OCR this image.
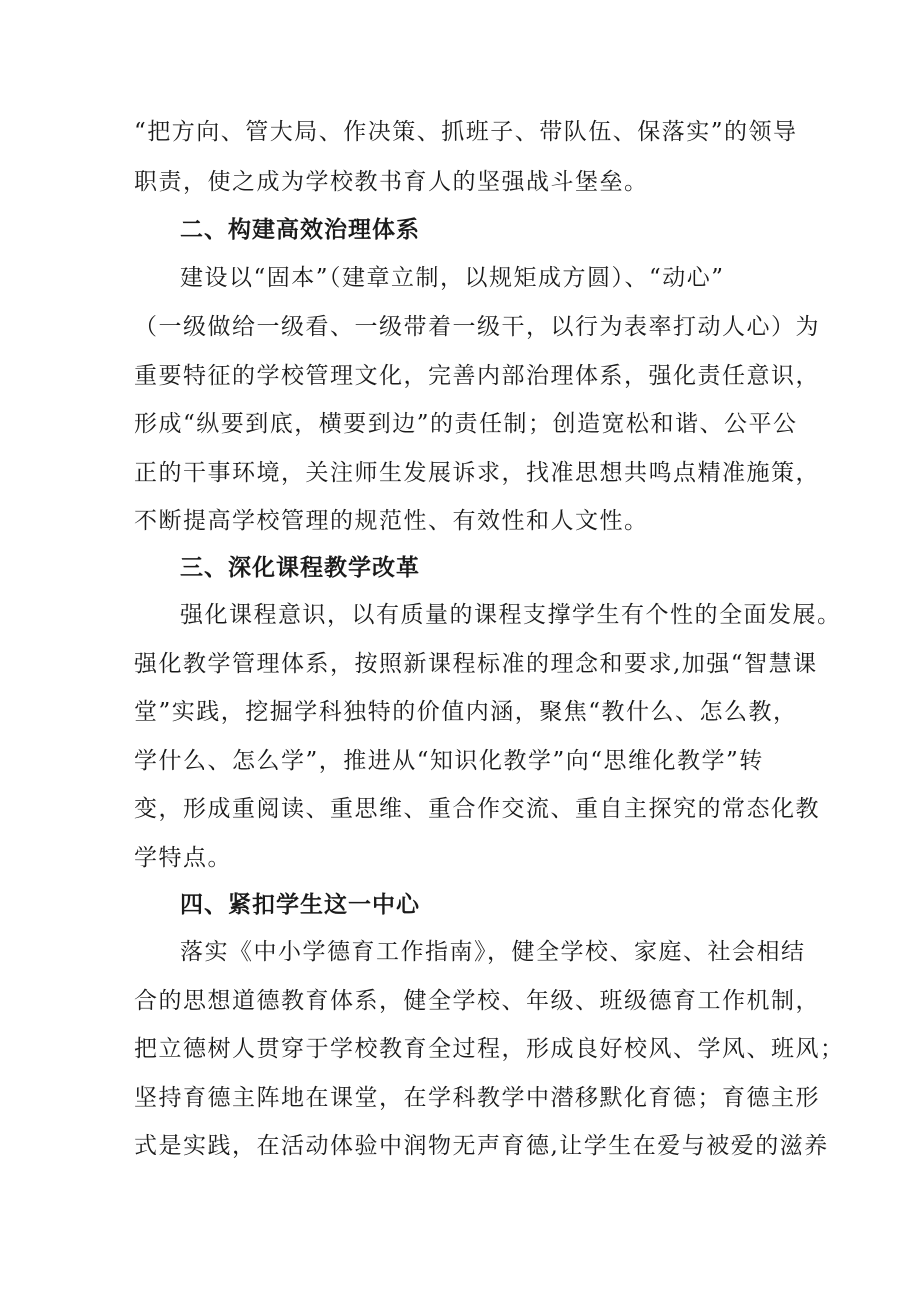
“把方向、管大局、作决策、抓班子、带队伍、保落实”的领导
职责，使之成为学校教书育人的坚强战斗堡垒。
二、构建高效治理体系
建设以“固本”（建章立制，以规矩成方圆）、“动心”
（一级做给一级看、一级带着一级干，以行为表率打动人心）为
重要特征的学校管理文化，完善内部治理体系，强化责任意识，
形成“纵要到底，横要到边”的责任制；创造宽松和谐、公平公
正的干事环境，关注师生发展诉求，找准思想共鸣点精准施策，
不断提高学校管理的规范性、有效性和人文性。
三、深化课程教学改革
强化课程意识，以有质量的课程支撑学生有个性的全面发展。
强化教学管理体系，按照新课程标准的理念和要求,加强“智慧课
堂”实践，挖掘学科独特的价值内涵，聚焦“教什么、怎么教，
学什么、怎么学”，推进从“知识化教学”向“思维化教学”转
变，形成重阅读、重思维、重合作交流、重自主探究的常态化教
学特点。
四、紧扣学生这一中心
落实《中小学德育工作指南》，健全学校、家庭、社会相结
合的思想道德教育体系，健全学校、年级、班级德育工作机制，
把立德树人贯穿于学校教育全过程，形成良好校风、学风、班风；
坚持育德主阵地在课堂，在学科教学中潜移默化育德；育德主形
式是实践，在活动体验中润物无声育德,让学生在爱与被爱的滋养
